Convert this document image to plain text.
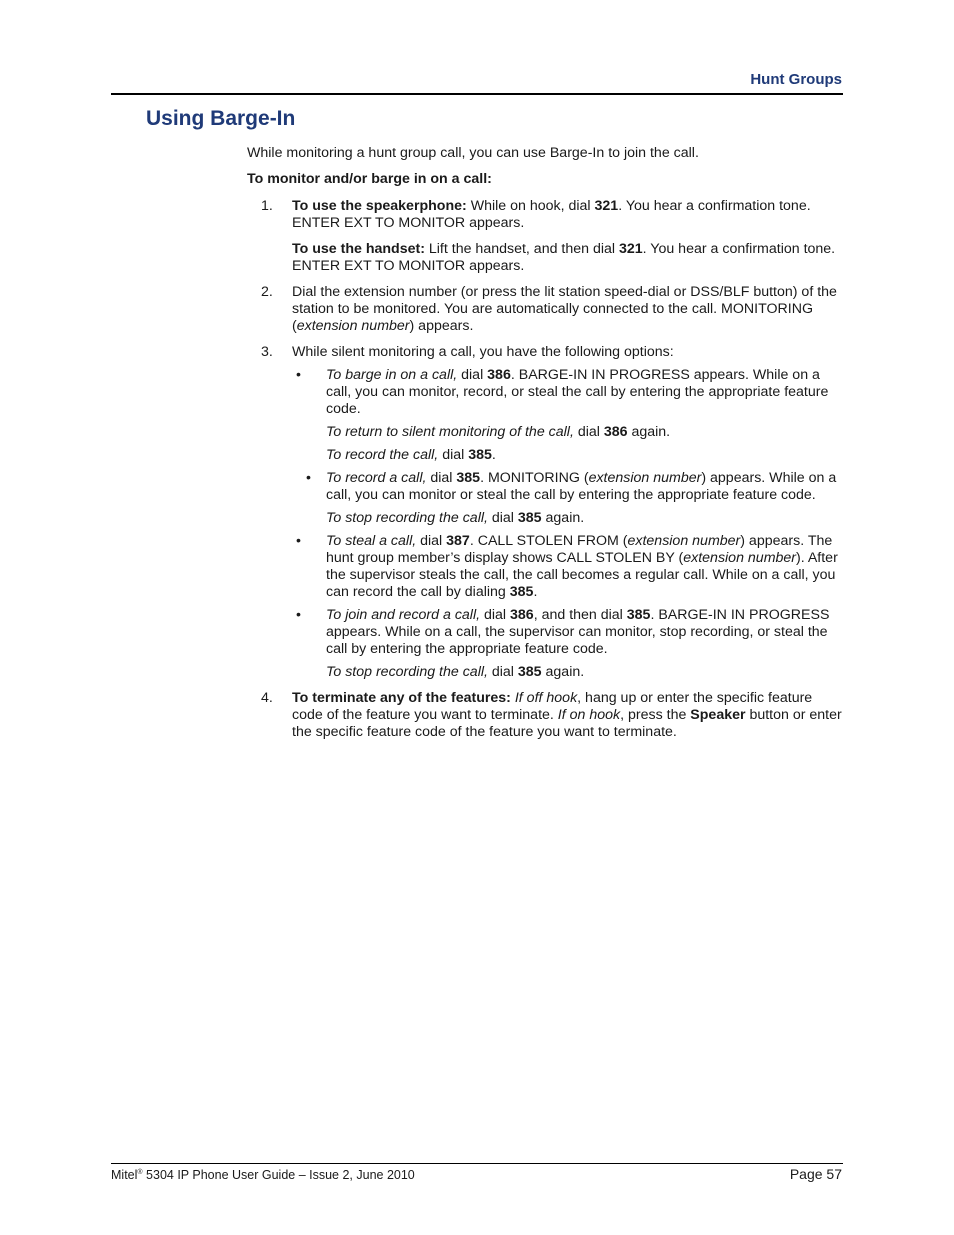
Hunt Groups
Using Barge-In

While monitoring a hunt group call, you can use Barge-In to join the call.

To monitor and/or barge in on a call:

1. To use the speakerphone: While on hook, dial 321. You hear a confirmation tone. ENTER EXT TO MONITOR appears.

To use the handset: Lift the handset, and then dial 321. You hear a confirmation tone. ENTER EXT TO MONITOR appears.

2. Dial the extension number (or press the lit station speed-dial or DSS/BLF button) of the station to be monitored. You are automatically connected to the call. MONITORING (extension number) appears.

3. While silent monitoring a call, you have the following options:

• To barge in on a call, dial 386. BARGE-IN IN PROGRESS appears. While on a call, you can monitor, record, or steal the call by entering the appropriate feature code.

To return to silent monitoring of the call, dial 386 again.

To record the call, dial 385.

• To record a call, dial 385. MONITORING (extension number) appears. While on a call, you can monitor or steal the call by entering the appropriate feature code.

To stop recording the call, dial 385 again.

• To steal a call, dial 387. CALL STOLEN FROM (extension number) appears. The hunt group member’s display shows CALL STOLEN BY (extension number). After the supervisor steals the call, the call becomes a regular call. While on a call, you can record the call by dialing 385.

• To join and record a call, dial 386, and then dial 385. BARGE-IN IN PROGRESS appears. While on a call, the supervisor can monitor, stop recording, or steal the call by entering the appropriate feature code.

To stop recording the call, dial 385 again.

4. To terminate any of the features: If off hook, hang up or enter the specific feature code of the feature you want to terminate. If on hook, press the Speaker button or enter the specific feature code of the feature you want to terminate.

Mitel® 5304 IP Phone User Guide – Issue 2, June 2010	Page 57
